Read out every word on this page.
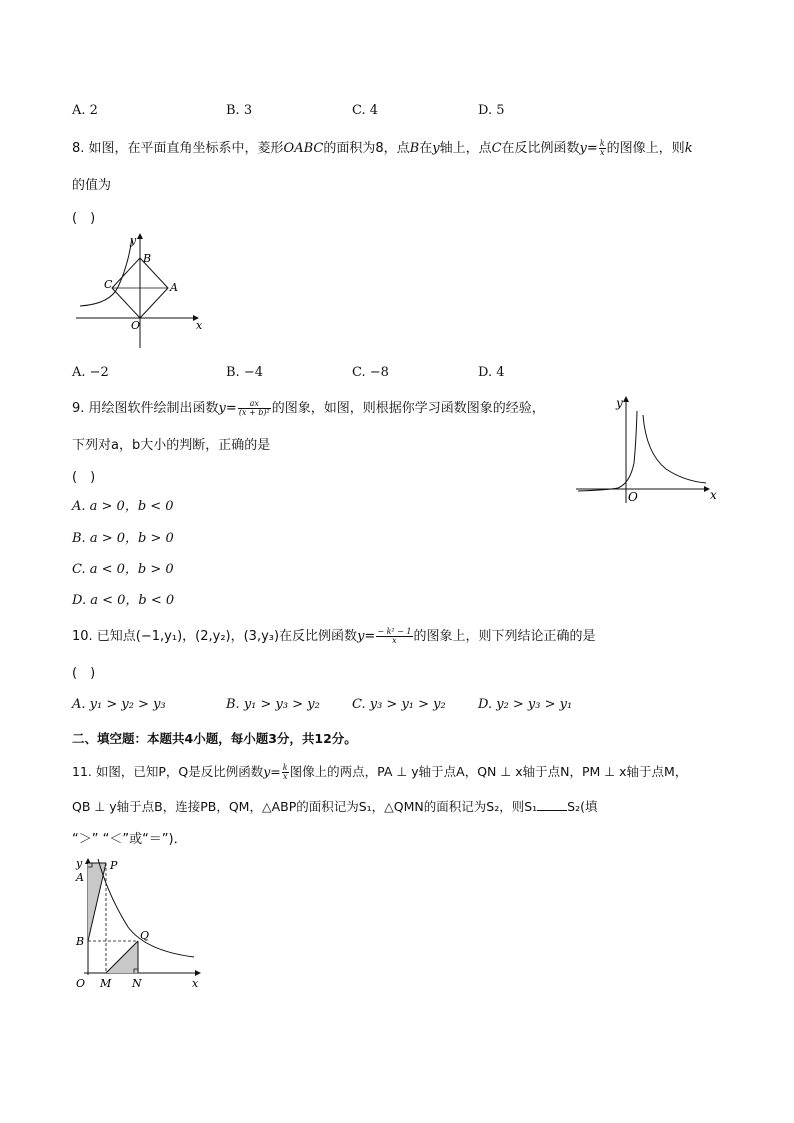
A. 2	B. 3	C. 4	D. 5
8. 如图，在平面直角坐标系中，菱形OABC的面积为8，点B在y轴上，点C在反比例函数$y= \frac{k}{x}$ 的图像上，则k
的值为
(　)
y
B
C	A
O	x
A. −2	B. −4	C. −8	D. 4
9. 用绘图软件绘制出函数$y= \frac{ax}{\text{(x + b)²}}$ 的图象，如图，则根据你学习函数图象的经验，
下列对a，b大小的判断，正确的是
(　)
y
O	x
A. a > 0，b < 0
B. a > 0，b > 0
C. a < 0，b > 0
D. a < 0，b < 0
10. 已知点(−1,y₁)，(2,y₂)，(3,y₃)在反比例函数$y= \frac{\text{− k² − 1}}{x}$ 的图象上，则下列结论正确的是
(　)
A. y₁ > y₂ > y₃	B. y₁ > y₃ > y₂ C. y₃ > y₁ > y₂ D. y₂ > y₃ > y₁
二、填空题：本题共4小题，每小题3分，共12分。
11. 如图，已知P，Q是反比例函数$y= \frac{k}{x}$ 图像上的两点，PA ⊥ y轴于点A，QN ⊥ x轴于点N，PM ⊥ x轴于点M，
QB ⊥ y轴于点B，连接PB，QM，△ABP的面积记为S₁，△QMN的面积记为S₂，则S₁ S₂(填
“＞” “＜”或“＝”)．
y
A
P
B	Q
O M N	x
